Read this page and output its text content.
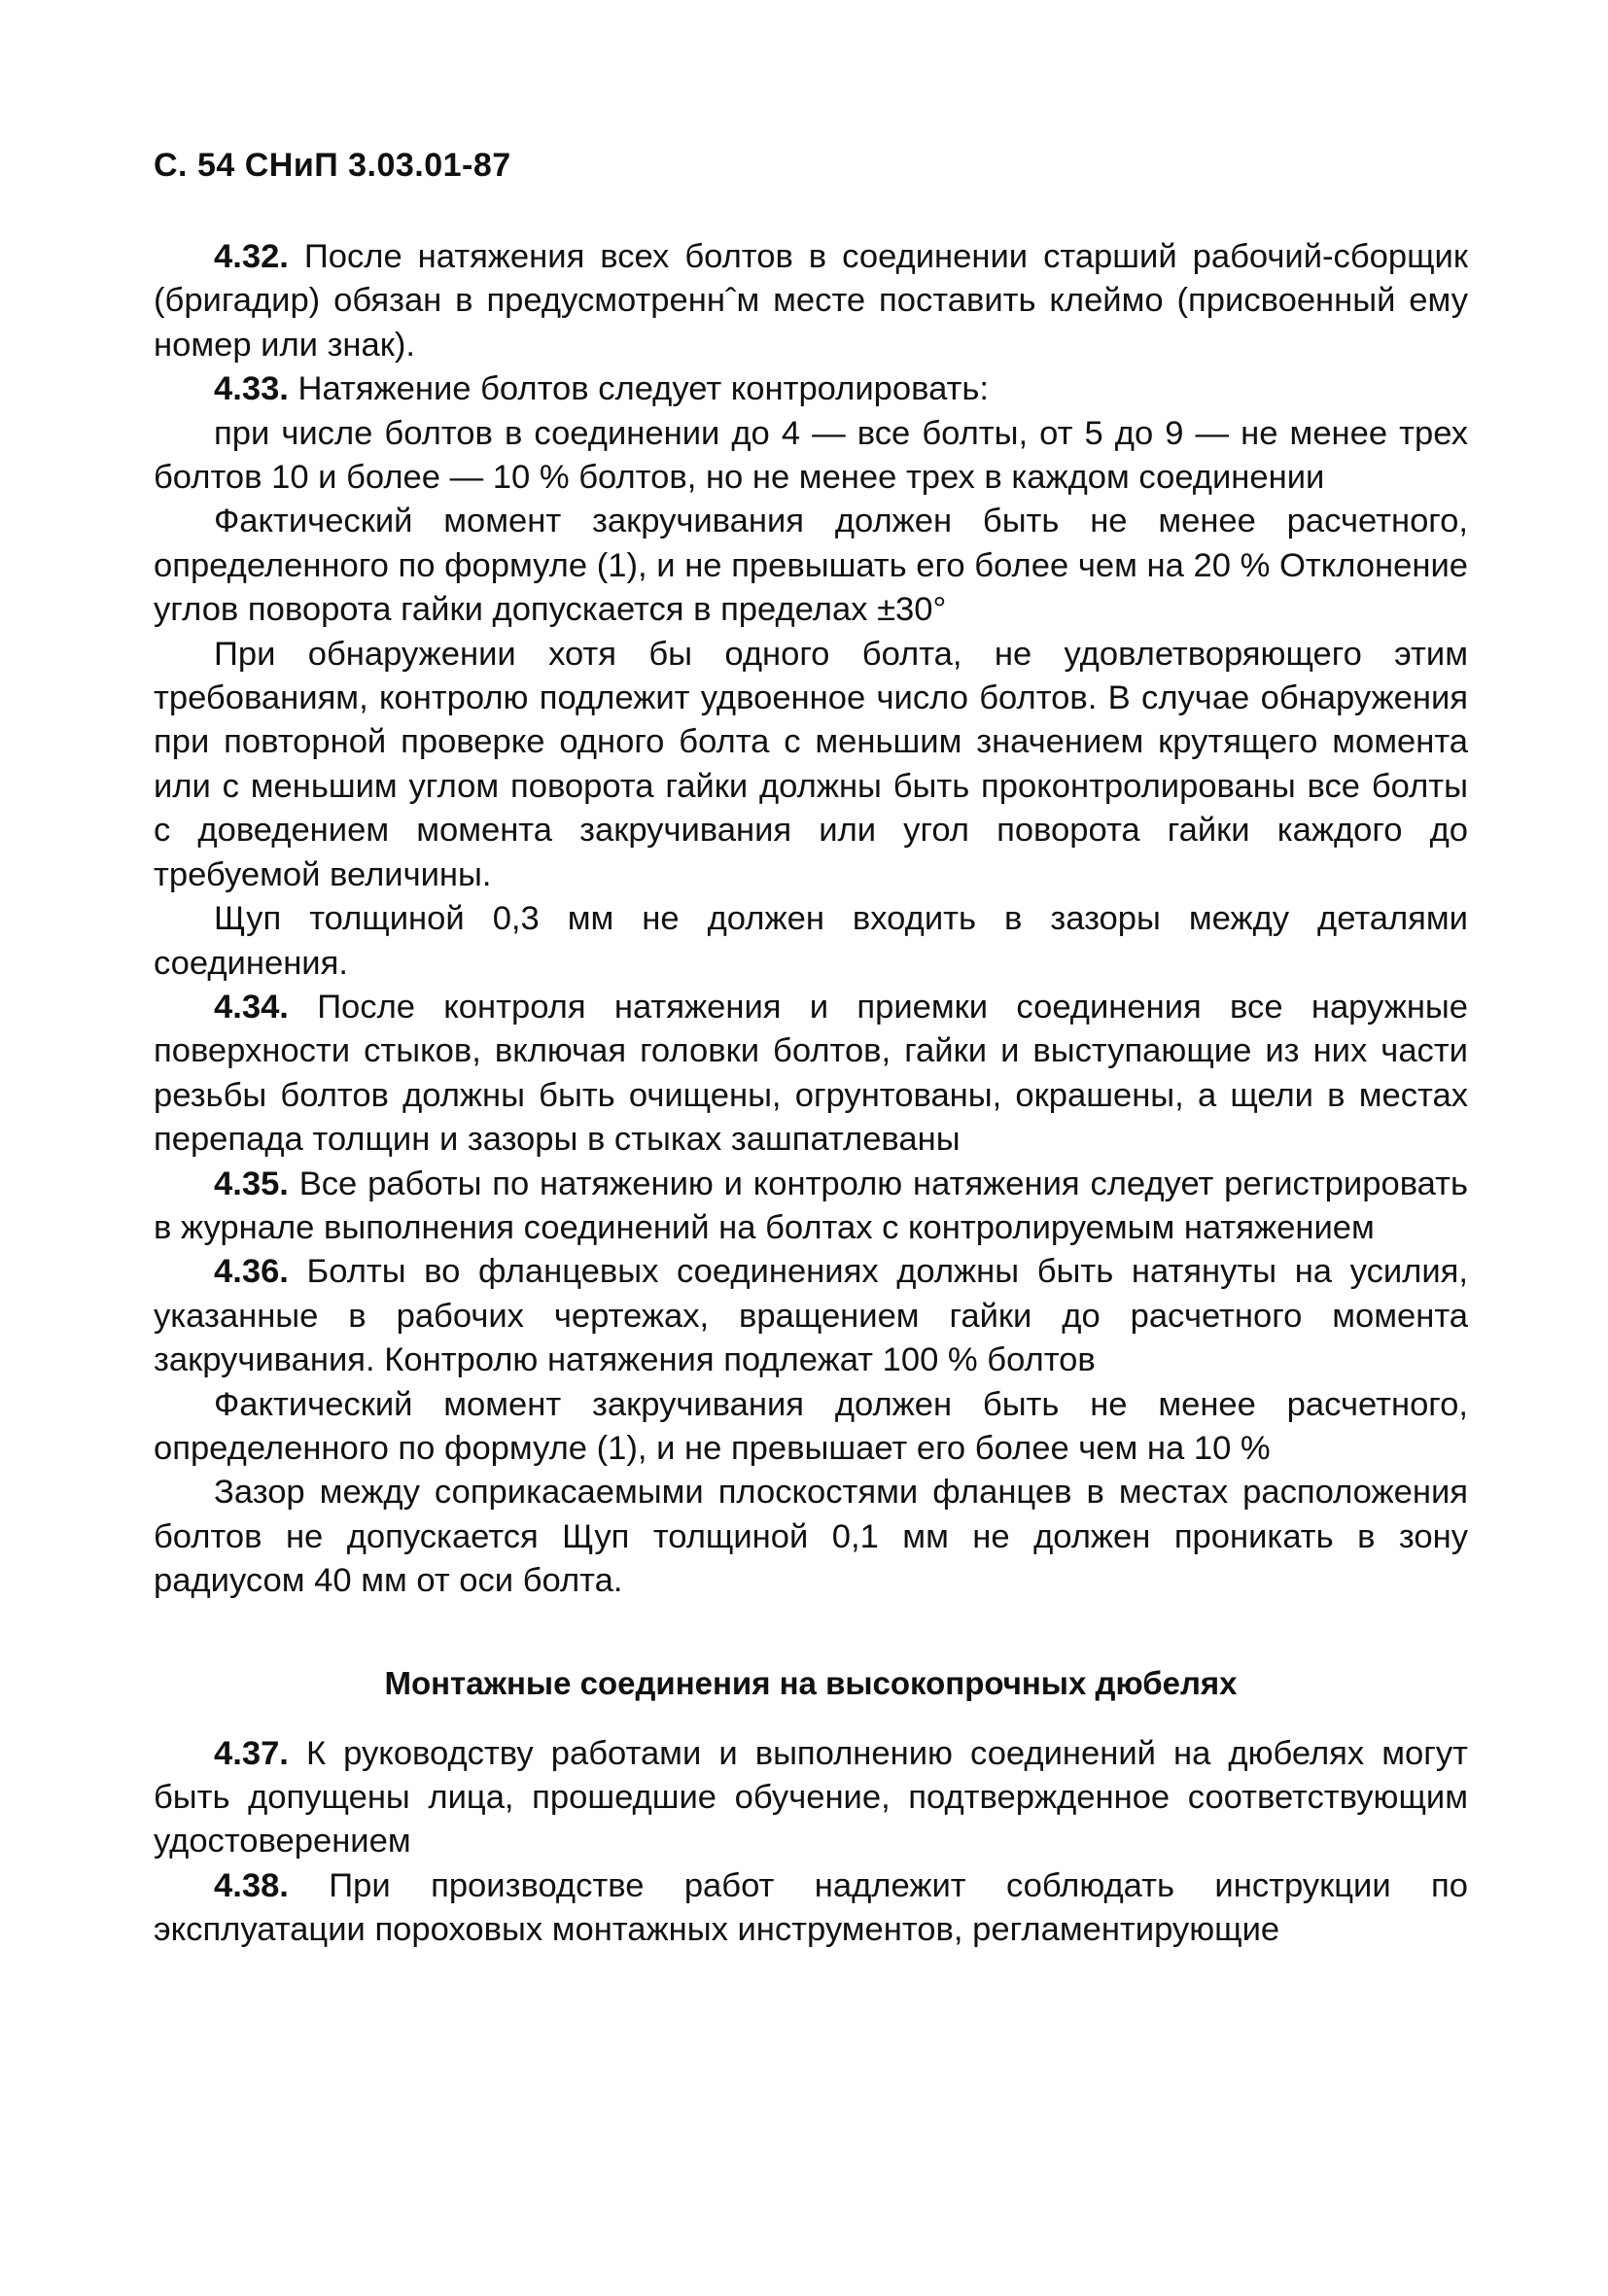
С. 54 СНиП 3.03.01-87

4.32. После натяжения всех болтов в соединении старший рабочий-сборщик (бригадир) обязан в предусмотреннˆм месте поставить клеймо (присвоенный ему номер или знак).

4.33. Натяжение болтов следует контролировать:

при числе болтов в соединении до 4 — все болты, от 5 до 9 — не менее трех болтов 10 и более — 10 % болтов, но не менее трех в каждом соединении

Фактический момент закручивания должен быть не менее расчетного, определенного по формуле (1), и не превышать его более чем на 20 % Отклонение углов поворота гайки допускается в пределах ±30°

При обнаружении хотя бы одного болта, не удовлетворяющего этим требованиям, контролю подлежит удвоенное число болтов. В случае обнаружения при повторной проверке одного болта с меньшим значением крутящего момента или с меньшим углом поворота гайки должны быть проконтролированы все болты с доведением момента закручивания или угол поворота гайки каждого до требуемой величины.

Щуп толщиной 0,3 мм не должен входить в зазоры между деталями соединения.

4.34. После контроля натяжения и приемки соединения все наружные поверхности стыков, включая головки болтов, гайки и выступающие из них части резьбы болтов должны быть очищены, огрунтованы, окрашены, а щели в местах перепада толщин и зазоры в стыках зашпатлеваны

4.35. Все работы по натяжению и контролю натяжения следует регистрировать в журнале выполнения соединений на болтах с контролируемым натяжением

4.36. Болты во фланцевых соединениях должны быть натянуты на усилия, указанные в рабочих чертежах, вращением гайки до расчетного момента закручивания. Контролю натяжения подлежат 100 % болтов

Фактический момент закручивания должен быть не менее расчетного, определенного по формуле (1), и не превышает его более чем на 10 %

Зазор между соприкасаемыми плоскостями фланцев в местах расположения болтов не допускается Щуп толщиной 0,1 мм не должен проникать в зону радиусом 40 мм от оси болта.

Монтажные соединения на высокопрочных дюбелях

4.37. К руководству работами и выполнению соединений на дюбелях могут быть допущены лица, прошедшие обучение, подтвержденное соответствующим удостоверением

4.38. При производстве работ надлежит соблюдать инструкции по эксплуатации пороховых монтажных инструментов, регламентирующие
